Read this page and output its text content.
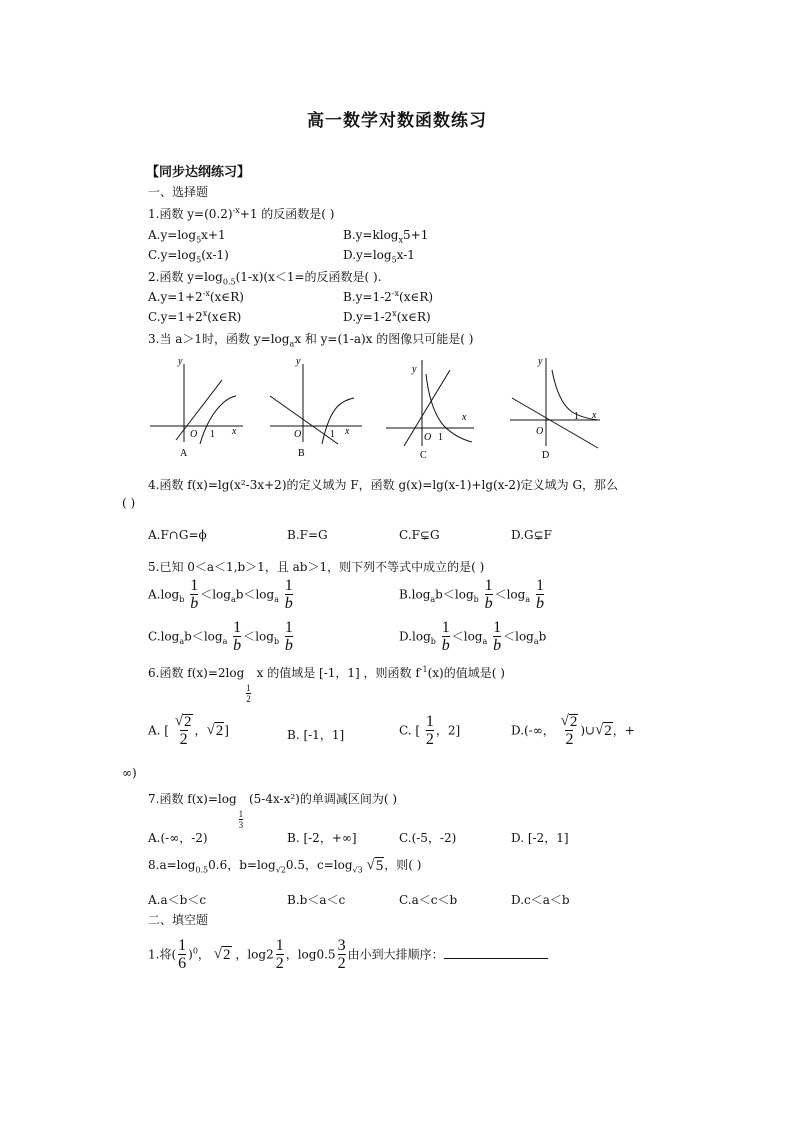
高一数学对数函数练习
【同步达纲练习】
一、选择题
1.函数 $y=(0.2)^{-x}+1$ 的反函数是( )
$A.y=\log_5x+1$	B.y=klog$_x$5+1
$C.y=\log_5(x-1)$	$D.y=\log_5x-1$
2.函数 $y=\log_{0.5}(1-x)(x<1=$的反函数是( ).
$A.y=1+2^{-x}(x\in R)$	$B.y=1-2^{-x}(x\in R)$
$C.y=1+2^x(x\in R)$	$D.y=1-2^x(x\in R)$
3.当 a＞1时，函数 $y=\log_ax$ 和 y=(1-a)x 的图像只可能是( )
y
x
O 1
A
y
x
O	1
B
y
x
O 1
C
y
x
O
1
D
4.函数 f(x)=lg(x²-3x+2)的定义域为 F，函数 g(x)=lg(x-1)+lg(x-2)定义域为 G，那么
( )
A.F∩G=ϕ	B.F=G	C.F⊊G	D.G⊊F
5.已知 0＜a＜1,b＞1，且 ab＞1，则下列不等式中成立的是( )
$A.\log_b \frac{1}{b} <\log_ab<\log_a \frac{1}{b}$	$B.\log_ab<\log_b \frac{1}{b} <\log_a \frac{1}{b}$
$C.\log_ab<\log_a \frac{1}{b} <\log_b \frac{1}{b}$	$D.\log_b \frac{1}{b} <\log_a \frac{1}{b} <\log_ab$
6.函数 f(x)=2log
$\frac{1}{2}$
x 的值域是 [-1，1] ，则函数 $f^{-1}(x)$的值域是( )
A. [ $\frac{√ 2}{2}$ ， √ 2 ]	B. [-1，1]	C. [ $\frac{1}{2}$ ，2]	D.(-∞， $\frac{√ 2}{2}$ )∪ √ 2 ，+
∞)
7.函数 f(x)=log
$\frac{1}{3}$
(5-4x-x²)的单调减区间为( )
A.(-∞，-2)	B. [-2，+∞]	C.(-5，-2)	D. [-2，1]
$8.a=\log_{0.5}0.6$，$b=\log_{√2}0.5$，$c=\log_{√3}$ √ 5 ，则( )
A.a＜b＜c	B.b＜a＜c	C.a＜c＜b	D.c＜a＜b
二、填空题
1.将( $\frac{1}{6} )^0$， √ 2 ，$\log 2 \frac{1}{2}$ ，$\log 0.5 \frac{3}{2}$ 由小到大排顺序：
